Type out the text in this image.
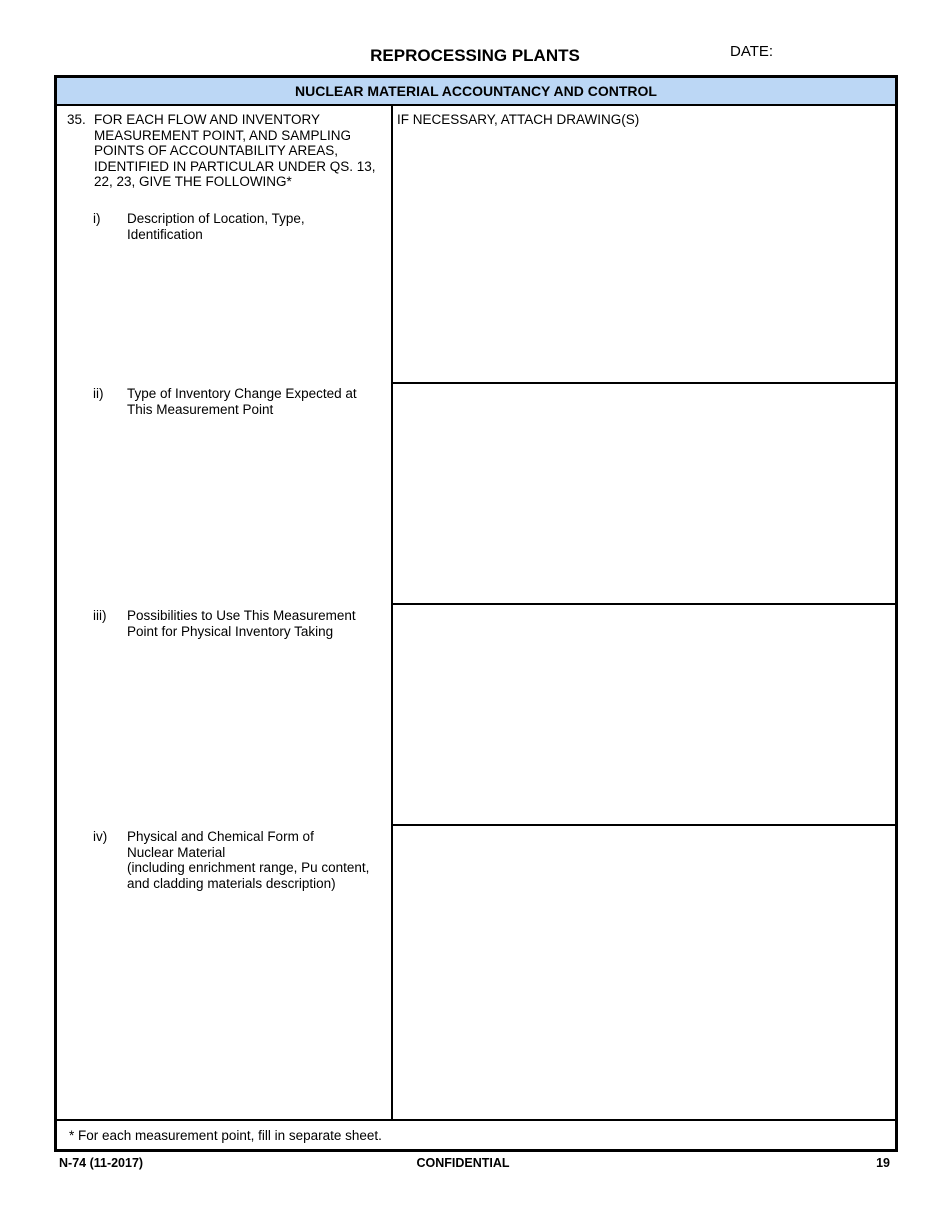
REPROCESSING PLANTS	DATE:
NUCLEAR MATERIAL ACCOUNTANCY AND CONTROL
35. FOR EACH FLOW AND INVENTORY MEASUREMENT POINT, AND SAMPLING POINTS OF ACCOUNTABILITY AREAS, IDENTIFIED IN PARTICULAR UNDER QS. 13, 22, 23, GIVE THE FOLLOWING*
i) Description of Location, Type,
Identification
ii) Type of Inventory Change Expected at
This Measurement Point
iii) Possibilities to Use This Measurement
Point for Physical Inventory Taking
iv) Physical and Chemical Form of
Nuclear Material
(including enrichment range, Pu content,
and cladding materials description)
IF NECESSARY, ATTACH DRAWING(S)
* For each measurement point, fill in separate sheet.
N-74 (11-2017)	CONFIDENTIAL	19
